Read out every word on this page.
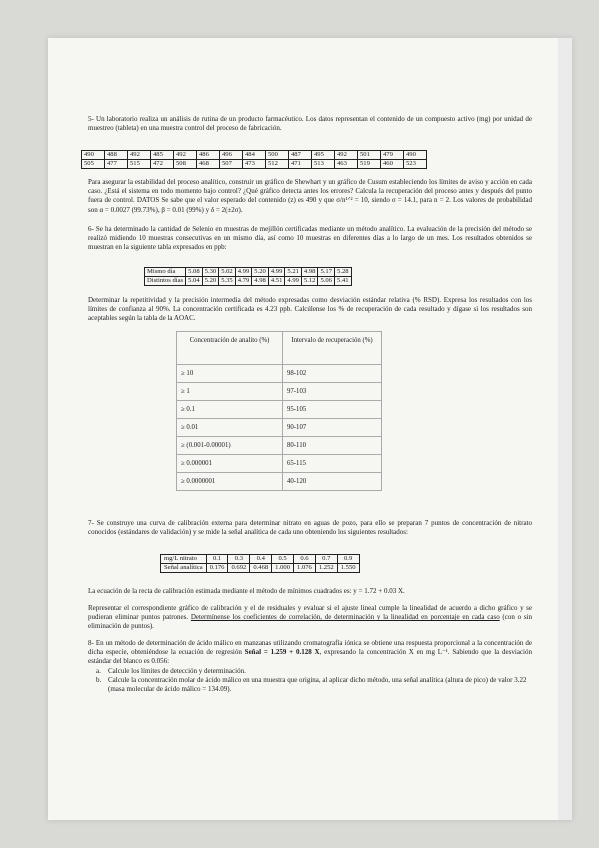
5- Un laboratorio realiza un análisis de rutina de un producto farmacéutico. Los datos representan el contenido de un compuesto activo (mg) por unidad de muestreo (tableta) en una muestra control del proceso de fabricación.

490	488	492	485	492	486	496	484	500	487	495	492	501	479	490
505	477	515	472	508	468	507	473	512	471	513	463	519	460	523

Para asegurar la estabilidad del proceso analítico, construir un gráfico de Shewhart y un gráfico de Cusum estableciendo los límites de aviso y acción en cada caso. ¿Está el sistema en todo momento bajo control? ¿Qué gráfico detecta antes los errores? Calcula la recuperación del proceso antes y después del punto fuera de control. DATOS Se sabe que el valor esperado del contenido (z) es 490 y que σ/n¹ᐟ² = 10, siendo σ = 14.1, para n = 2. Los valores de probabilidad son α = 0.0027 (99.73%), β = 0.01 (99%) y δ = 2(±2σ).

6- Se ha determinado la cantidad de Selenio en muestras de mejillón certificadas mediante un método analítico. La evaluación de la precisión del método se realizó midiendo 10 muestras consecutivas en un mismo día, así como 10 muestras en diferentes días a lo largo de un mes. Los resultados obtenidos se muestran en la siguiente tabla expresados en ppb:

Mismo día	5.08	5.30	5.02	4.99	5.20	4.99	5.21	4.98	5.17	5.28
Distintos días	5.04	5.20	5.35	4.79	4.98	4.51	4.99	5.12	5.06	5.41

Determinar la repetitividad y la precisión intermedia del método expresadas como desviación estándar relativa (% RSD). Expresa los resultados con los límites de confianza al 90%. La concentración certificada es 4.23 ppb. Calcúlense los % de recuperación de cada resultado y dígase si los resultados son aceptables según la tabla de la AOAC.

Concentración de analito (%)	Intervalo de recuperación (%)
≥ 10	98-102
≥ 1	97-103
≥ 0.1	95-105
≥ 0.01	90-107
≥ (0.001-0.00001)	80-110
≥ 0.000001	65-115
≥ 0.0000001	40-120

7- Se construye una curva de calibración externa para determinar nitrato en aguas de pozo, para ello se preparan 7 puntos de concentración de nitrato conocidos (estándares de validación) y se mide la señal analítica de cada uno obteniendo los siguientes resultados:

mg/L nitrato	0.1	0.3	0.4	0.5	0.6	0.7	0.9
Señal analítica	0.176	0.692	0.468	1.000	1.076	1.252	1.550

La ecuación de la recta de calibración estimada mediante el método de mínimos cuadrados es: y = 1.72 + 0.03 X.

Representar el correspondiente gráfico de calibración y el de residuales y evaluar si el ajuste lineal cumple la linealidad de acuerdo a dicho gráfico y se pudieran eliminar puntos patrones. Determínense los coeficientes de correlación, de determinación y la linealidad en porcentaje en cada caso (con o sin eliminación de puntos).

8- En un método de determinación de ácido málico en manzanas utilizando cromatografía iónica se obtiene una respuesta proporcional a la concentración de dicha especie, obteniéndose la ecuación de regresión Señal = 1.259 + 0.128 X, expresando la concentración X en mg L⁻¹. Sabiendo que la desviación estándar del blanco es 0.056:

a. Calcule los límites de detección y determinación.
b. Calcule la concentración molar de ácido málico en una muestra que origina, al aplicar dicho método, una señal analítica (altura de pico) de valor 3.22 (masa molecular de ácido málico = 134.09).
